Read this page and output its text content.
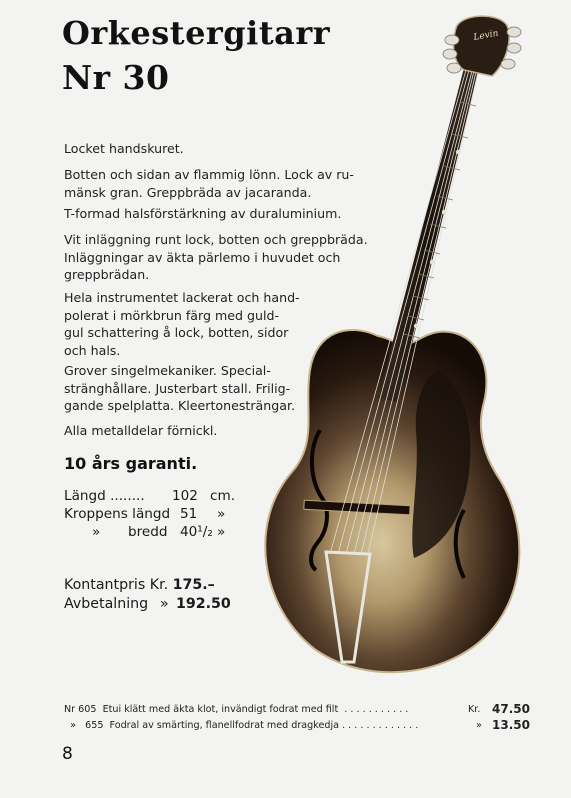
Orkestergitarr
Nr 30
Locket handskuret.
Botten och sidan av flammig lönn. Lock av ru-
mänsk gran. Greppbräda av jacaranda.
T-formad halsförstärkning av duraluminium.
Vit inläggning runt lock, botten och greppbräda.
Inläggningar av äkta pärlemo i huvudet och
greppbrädan.
Hela instrumentet lackerat och hand-
polerat i mörkbrun färg med guld-
gul schattering å lock, botten, sidor
och hals.
Grover singelmekaniker. Special-
stränghållare. Justerbart stall. Frilig-
gande spelplatta. Kleertonesträngar.
Alla metalldelar förnickl.
10 års garanti.
Längd ........ 102 cm.
Kroppens längd 51 »
» bredd 40¹/₂ »
Kontantpris Kr. 175.–
Avbetalning » 192.50
Nr 605  Etui klätt med äkta klot, invändigt fodrat med filt  . . . . . . . . . . .	Kr. 47.50
»   655  Fodral av smärting, flanellfodrat med dragkedja . . . . . . . . . . . . .	» 13.50
8
Levin
